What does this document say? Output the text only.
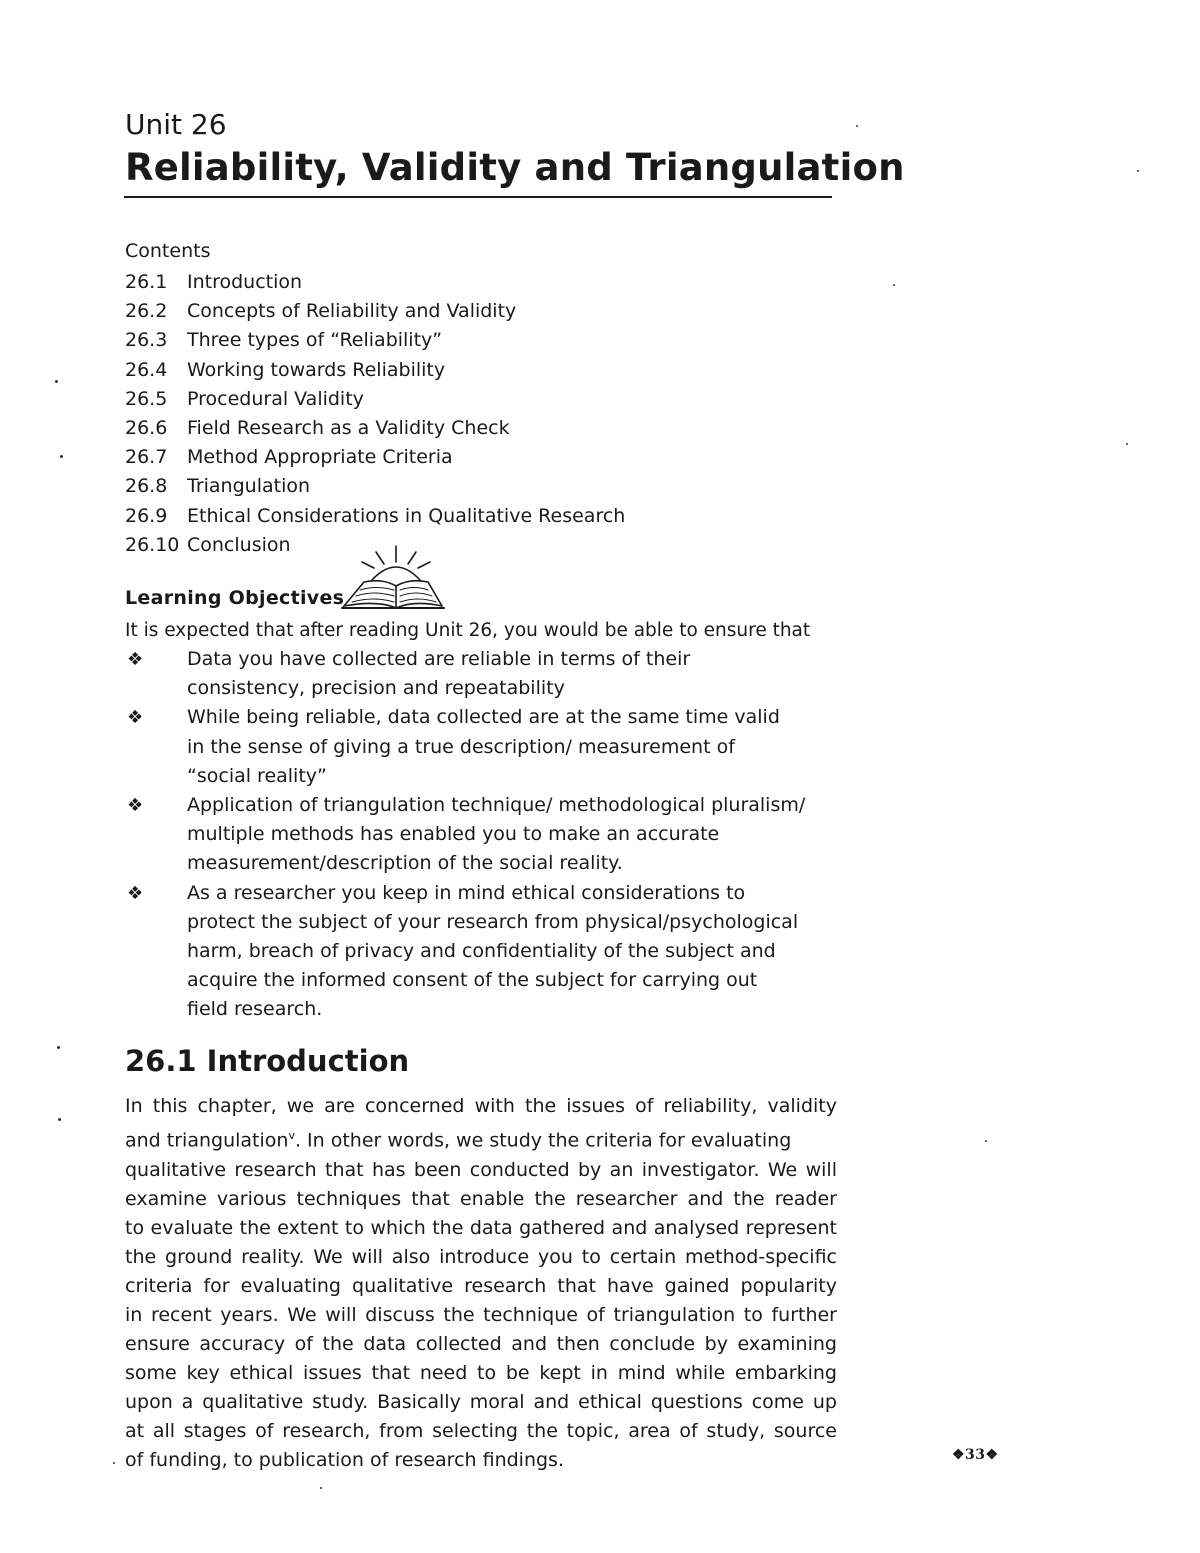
Unit 26
Reliability, Validity and Triangulation
Contents
26.1 Introduction
26.2 Concepts of Reliability and Validity
26.3 Three types of “Reliability”
26.4 Working towards Reliability
26.5 Procedural Validity
26.6 Field Research as a Validity Check
26.7 Method Appropriate Criteria
26.8 Triangulation
26.9 Ethical Considerations in Qualitative Research
26.10 Conclusion
Learning Objectives
It is expected that after reading Unit 26, you would be able to ensure that
❖ Data you have collected are reliable in terms of their
consistency, precision and repeatability
❖ While being reliable, data collected are at the same time valid
in the sense of giving a true description/ measurement of
“social reality”
❖ Application of triangulation technique/ methodological pluralism/
multiple methods has enabled you to make an accurate
measurement/description of the social reality.
❖ As a researcher you keep in mind ethical considerations to
protect the subject of your research from physical/psychological
harm, breach of privacy and confidentiality of the subject and
acquire the informed consent of the subject for carrying out
field research.
26.1 Introduction
In this chapter, we are concerned with the issues of reliability, validity
and triangulation$^v$. In other words, we study the criteria for evaluating
qualitative research that has been conducted by an investigator. We will
examine various techniques that enable the researcher and the reader
to evaluate the extent to which the data gathered and analysed represent
the ground reality. We will also introduce you to certain method-specific
criteria for evaluating qualitative research that have gained popularity
in recent years. We will discuss the technique of triangulation to further
ensure accuracy of the data collected and then conclude by examining
some key ethical issues that need to be kept in mind while embarking
upon a qualitative study. Basically moral and ethical questions come up
at all stages of research, from selecting the topic, area of study, source
of funding, to publication of research findings.	❖33❖
